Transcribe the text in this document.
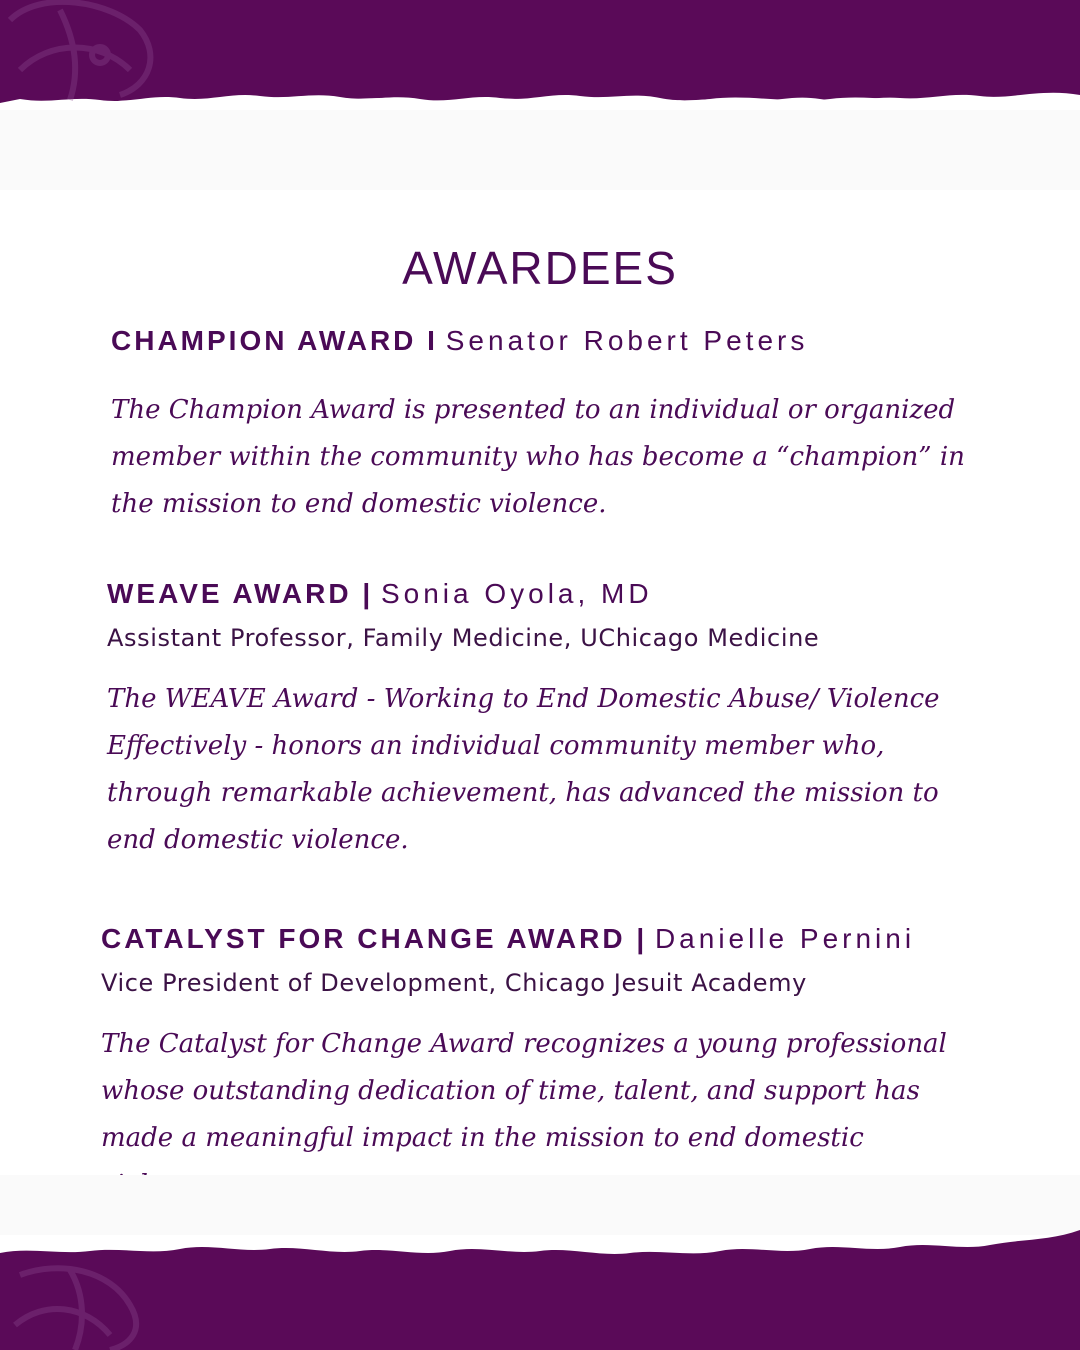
AWARDEES

CHAMPION AWARD I Senator Robert Peters

The Champion Award is presented to an individual or organized member within the community who has become a “champion” in the mission to end domestic violence.

WEAVE AWARD | Sonia Oyola, MD

Assistant Professor, Family Medicine, UChicago Medicine

The WEAVE Award - Working to End Domestic Abuse/ Violence Effectively - honors an individual community member who, through remarkable achievement, has advanced the mission to end domestic violence.

CATALYST FOR CHANGE AWARD | Danielle Pernini

Vice President of Development, Chicago Jesuit Academy

The Catalyst for Change Award recognizes a young professional whose outstanding dedication of time, talent, and support has made a meaningful impact in the mission to end domestic
